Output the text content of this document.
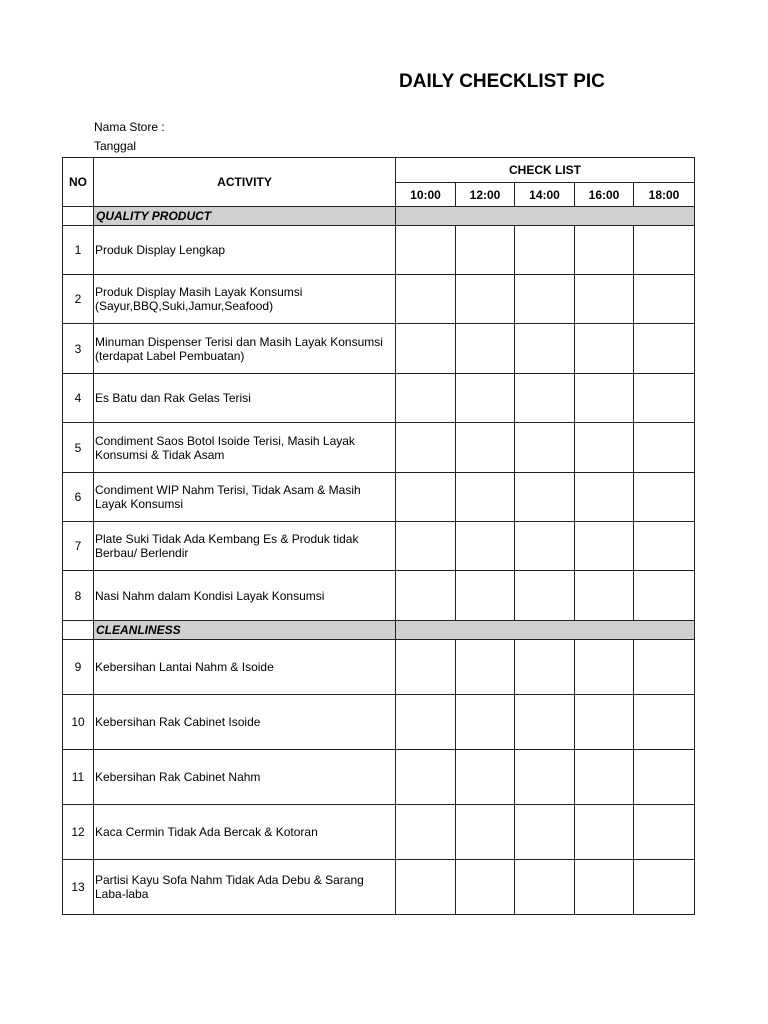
DAILY CHECKLIST PIC
Nama Store :
Tanggal
NO	ACTIVITY	CHECK LIST				
		10:00	12:00	14:00	16:00	18:00
	QUALITY PRODUCT					
1	Produk Display Lengkap					
2	Produk Display Masih Layak Konsumsi (Sayur,BBQ,Suki,Jamur,Seafood)					
3	Minuman Dispenser Terisi dan Masih Layak Konsumsi (terdapat Label Pembuatan)					
4	Es Batu dan Rak Gelas Terisi					
5	Condiment Saos Botol Isoide Terisi, Masih Layak Konsumsi & Tidak Asam					
6	Condiment WIP Nahm Terisi, Tidak Asam & Masih Layak Konsumsi					
7	Plate Suki Tidak Ada Kembang Es & Produk tidak Berbau/ Berlendir					
8	Nasi Nahm dalam Kondisi Layak Konsumsi					
	CLEANLINESS					
9	Kebersihan Lantai Nahm & Isoide					
10	Kebersihan Rak Cabinet Isoide					
11	Kebersihan Rak Cabinet Nahm					
12	Kaca Cermin Tidak Ada Bercak & Kotoran					
13	Partisi Kayu Sofa Nahm Tidak Ada Debu & Sarang Laba-laba					
